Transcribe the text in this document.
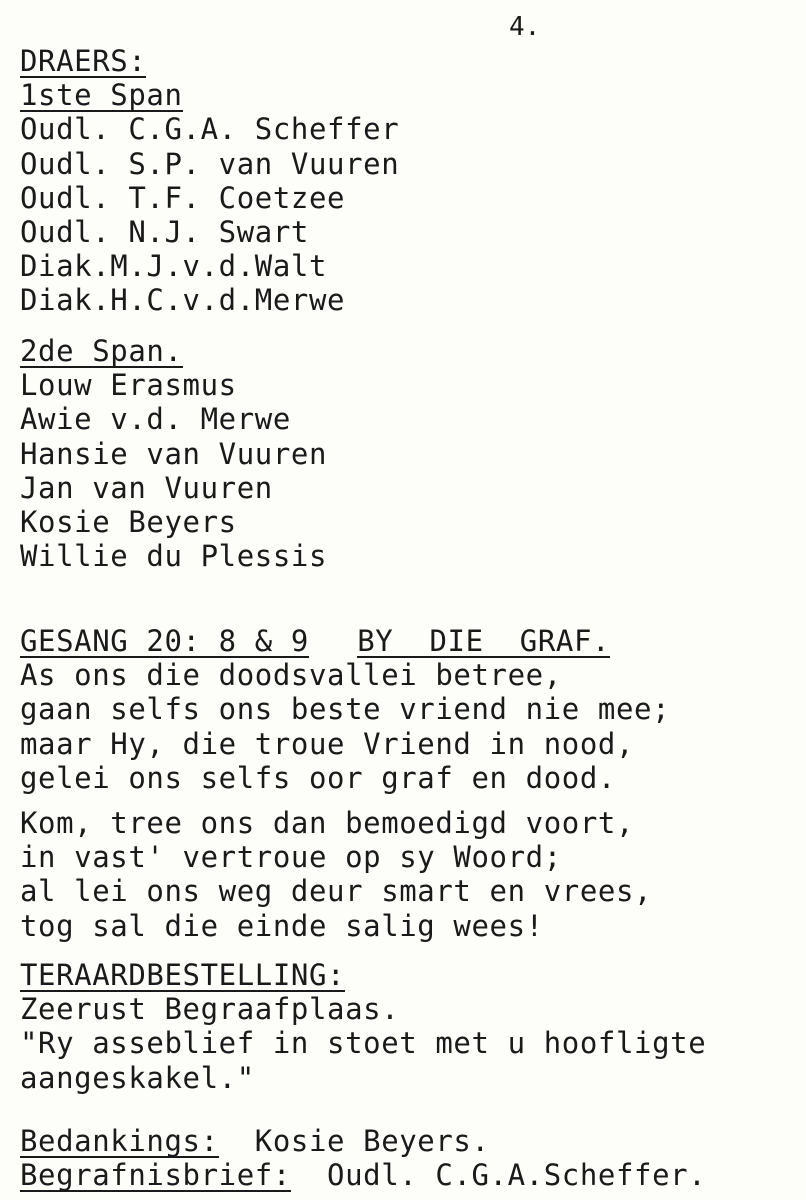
4.
DRAERS:
1ste Span
Oudl. C.G.A. Scheffer
Oudl. S.P. van Vuuren
Oudl. T.F. Coetzee
Oudl. N.J. Swart
Diak.M.J.v.d.Walt
Diak.H.C.v.d.Merwe
2de Span.
Louw Erasmus
Awie v.d. Merwe
Hansie van Vuuren
Jan van Vuuren
Kosie Beyers
Willie du Plessis

BY  DIE  GRAF.

GESANG 20: 8 & 9
As ons die doodsvallei betree,
gaan selfs ons beste vriend nie mee;
maar Hy, die troue Vriend in nood,
gelei ons selfs oor graf en dood.
Kom, tree ons dan bemoedigd voort,
in vast' vertroue op sy Woord;
al lei ons weg deur smart en vrees,
tog sal die einde salig wees!
TERAARDBESTELLING:
Zeerust Begraafplaas.
"Ry asseblief in stoet met u hoofligte
aangeskakel."
Bedankings:  Kosie Beyers.
Begrafnisbrief:  Oudl. C.G.A.Scheffer.
